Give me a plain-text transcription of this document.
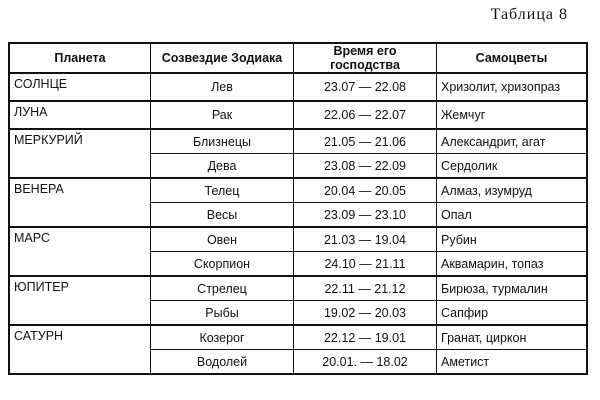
Таблица 8
Планета	Созвездие Зодиака	Время его господства	Самоцветы
СОЛНЦЕ	Лев	23.07 — 22.08	Хризолит, хризопраз
ЛУНА	Рак	22.06 — 22.07	Жемчуг
МЕРКУРИЙ	Близнецы	21.05 — 21.06	Александрит, агат
	Дева	23.08 — 22.09	Сердолик
ВЕНЕРА	Телец	20.04 — 20.05	Алмаз, изумруд
	Весы	23.09 — 23.10	Опал
МАРС	Овен	21.03 — 19.04	Рубин
	Скорпион	24.10 — 21.11	Аквамарин, топаз
ЮПИТЕР	Стрелец	22.11 — 21.12	Бирюза, турмалин
	Рыбы	19.02 — 20.03	Сапфир
САТУРН	Козерог	22.12 — 19.01	Гранат, циркон
	Водолей	20.01. — 18.02	Аметист
